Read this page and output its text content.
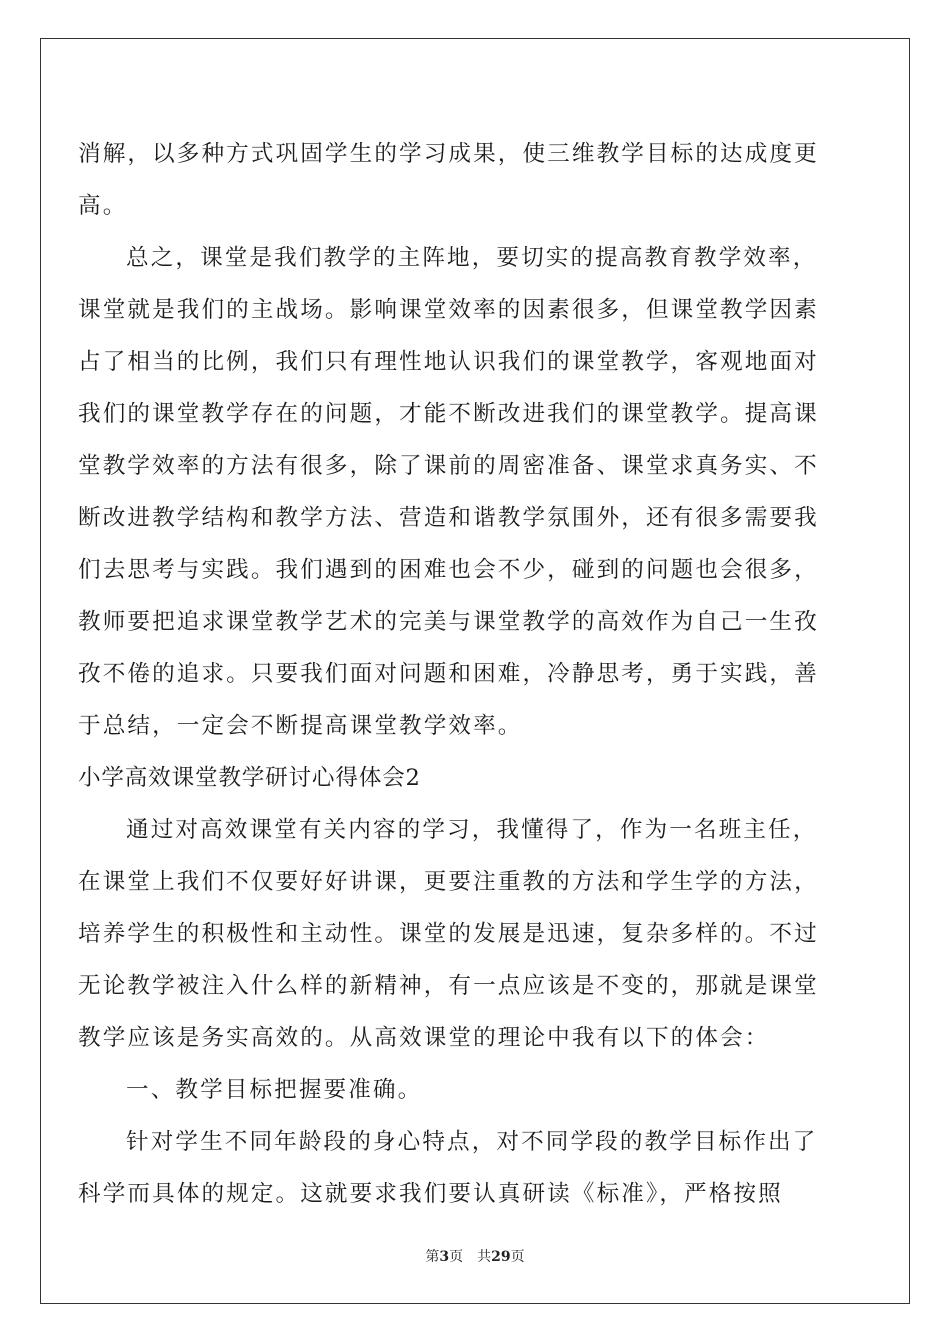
消解，以多种方式巩固学生的学习成果，使三维教学目标的达成度更
高。
总之，课堂是我们教学的主阵地，要切实的提高教育教学效率，
课堂就是我们的主战场。影响课堂效率的因素很多，但课堂教学因素
占了相当的比例，我们只有理性地认识我们的课堂教学，客观地面对
我们的课堂教学存在的问题，才能不断改进我们的课堂教学。提高课
堂教学效率的方法有很多，除了课前的周密准备、课堂求真务实、不
断改进教学结构和教学方法、营造和谐教学氛围外，还有很多需要我
们去思考与实践。我们遇到的困难也会不少，碰到的问题也会很多，
教师要把追求课堂教学艺术的完美与课堂教学的高效作为自己一生孜
孜不倦的追求。只要我们面对问题和困难，冷静思考，勇于实践，善
于总结，一定会不断提高课堂教学效率。
小学高效课堂教学研讨心得体会2
通过对高效课堂有关内容的学习，我懂得了，作为一名班主任，
在课堂上我们不仅要好好讲课，更要注重教的方法和学生学的方法，
培养学生的积极性和主动性。课堂的发展是迅速，复杂多样的。不过
无论教学被注入什么样的新精神，有一点应该是不变的，那就是课堂
教学应该是务实高效的。从高效课堂的理论中我有以下的体会：
一、教学目标把握要准确。
针对学生不同年龄段的身心特点，对不同学段的教学目标作出了
科学而具体的规定。这就要求我们要认真研读《标准》，严格按照
第3页 共29页
